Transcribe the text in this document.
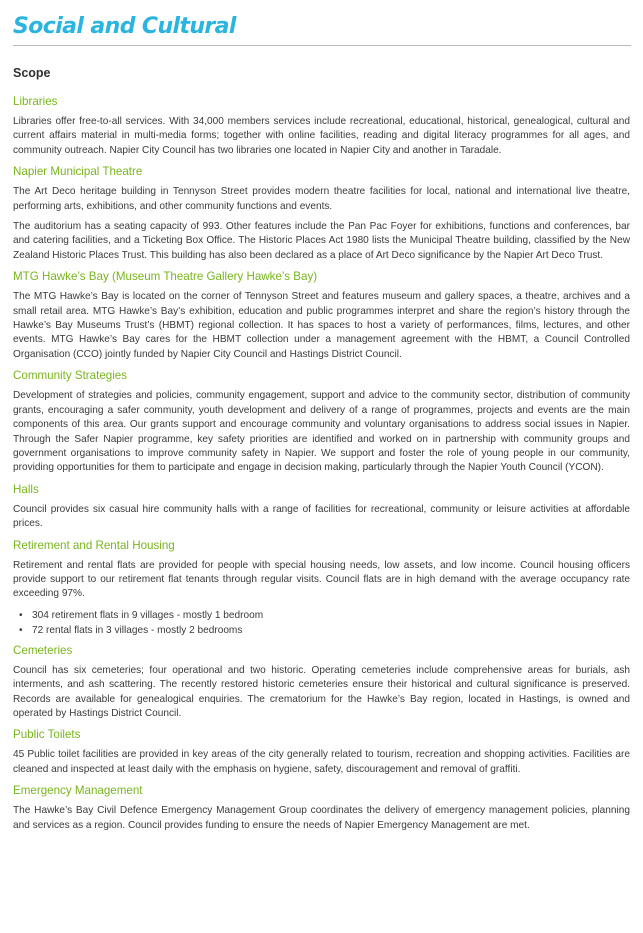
Social and Cultural
Scope
Libraries

Libraries offer free-to-all services. With 34,000 members services include recreational, educational, historical, genealogical, cultural and current affairs material in multi-media forms; together with online facilities, reading and digital literacy programmes for all ages, and community outreach. Napier City Council has two libraries one located in Napier City and another in Taradale.

Napier Municipal Theatre

The Art Deco heritage building in Tennyson Street provides modern theatre facilities for local, national and international live theatre, performing arts, exhibitions, and other community functions and events.

The auditorium has a seating capacity of 993. Other features include the Pan Pac Foyer for exhibitions, functions and conferences, bar and catering facilities, and a Ticketing Box Office. The Historic Places Act 1980 lists the Municipal Theatre building, classified by the New Zealand Historic Places Trust. This building has also been declared as a place of Art Deco significance by the Napier Art Deco Trust.

MTG Hawke’s Bay (Museum Theatre Gallery Hawke’s Bay)

The MTG Hawke’s Bay is located on the corner of Tennyson Street and features museum and gallery spaces, a theatre, archives and a small retail area. MTG Hawke’s Bay’s exhibition, education and public programmes interpret and share the region’s history through the Hawke’s Bay Museums Trust’s (HBMT) regional collection. It has spaces to host a variety of performances, films, lectures, and other events. MTG Hawke’s Bay cares for the HBMT collection under a management agreement with the HBMT, a Council Controlled Organisation (CCO) jointly funded by Napier City Council and Hastings District Council.

Community Strategies

Development of strategies and policies, community engagement, support and advice to the community sector, distribution of community grants, encouraging a safer community, youth development and delivery of a range of programmes, projects and events are the main components of this area. Our grants support and encourage community and voluntary organisations to address social issues in Napier. Through the Safer Napier programme, key safety priorities are identified and worked on in partnership with community groups and government organisations to improve community safety in Napier. We support and foster the role of young people in our community, providing opportunities for them to participate and engage in decision making, particularly through the Napier Youth Council (YCON).

Halls

Council provides six casual hire community halls with a range of facilities for recreational, community or leisure activities at affordable prices.

Retirement and Rental Housing

Retirement and rental flats are provided for people with special housing needs, low assets, and low income. Council housing officers provide support to our retirement flat tenants through regular visits. Council flats are in high demand with the average occupancy rate exceeding 97%.

• 304 retirement flats in 9 villages - mostly 1 bedroom
• 72 rental flats in 3 villages - mostly 2 bedrooms
Cemeteries

Council has six cemeteries; four operational and two historic. Operating cemeteries include comprehensive areas for burials, ash interments, and ash scattering. The recently restored historic cemeteries ensure their historical and cultural significance is preserved. Records are available for genealogical enquiries. The crematorium for the Hawke’s Bay region, located in Hastings, is owned and operated by Hastings District Council.

Public Toilets

45 Public toilet facilities are provided in key areas of the city generally related to tourism, recreation and shopping activities. Facilities are cleaned and inspected at least daily with the emphasis on hygiene, safety, discouragement and removal of graffiti.

Emergency Management

The Hawke’s Bay Civil Defence Emergency Management Group coordinates the delivery of emergency management policies, planning and services as a region. Council provides funding to ensure the needs of Napier Emergency Management are met.
